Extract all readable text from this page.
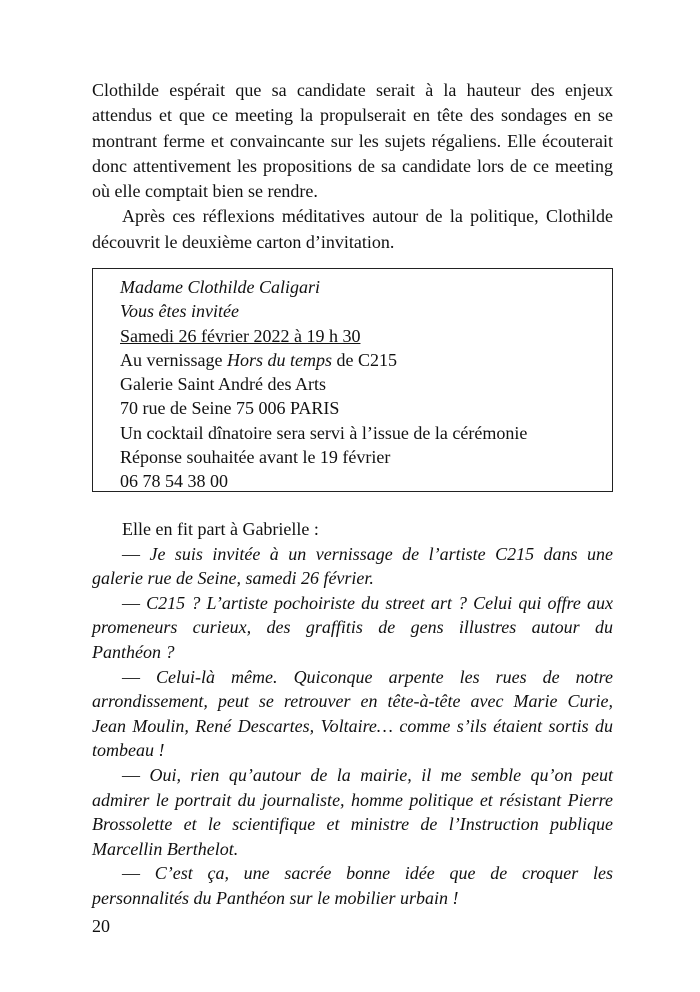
Clothilde espérait que sa candidate serait à la hauteur des enjeux
attendus et que ce meeting la propulserait en tête des sondages en se
montrant ferme et convaincante sur les sujets régaliens. Elle écouterait
donc attentivement les propositions de sa candidate lors de ce meeting
où elle comptait bien se rendre.
Après ces réflexions méditatives autour de la politique, Clothilde
découvrit le deuxième carton d’invitation.
Madame Clothilde Caligari
Vous êtes invitée
Samedi 26 février 2022 à 19 h 30
Au vernissage Hors du temps de C215
Galerie Saint André des Arts
70 rue de Seine 75 006 PARIS
Un cocktail dînatoire sera servi à l’issue de la cérémonie
Réponse souhaitée avant le 19 février
06 78 54 38 00
Elle en fit part à Gabrielle :
— Je suis invitée à un vernissage de l’artiste C215 dans une
galerie rue de Seine, samedi 26 février.
— C215 ? L’artiste pochoiriste du street art ? Celui qui offre aux
promeneurs curieux, des graffitis de gens illustres autour du
Panthéon ?
— Celui-là même. Quiconque arpente les rues de notre
arrondissement, peut se retrouver en tête-à-tête avec Marie Curie,
Jean Moulin, René Descartes, Voltaire… comme s’ils étaient sortis du
tombeau !
— Oui, rien qu’autour de la mairie, il me semble qu’on peut
admirer le portrait du journaliste, homme politique et résistant Pierre
Brossolette et le scientifique et ministre de l’Instruction publique
Marcellin Berthelot.
— C’est ça, une sacrée bonne idée que de croquer les
personnalités du Panthéon sur le mobilier urbain !
20
